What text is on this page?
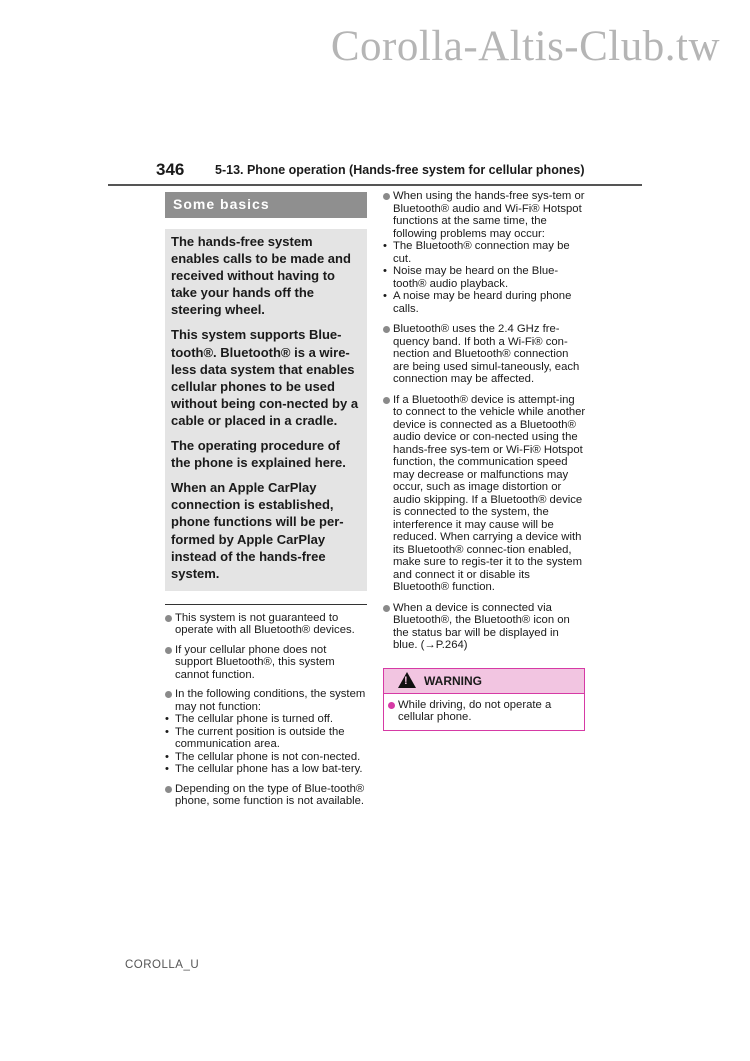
Corolla-Altis-Club.tw
346 5-13. Phone operation (Hands-free system for cellular phones)
Some basics

The hands-free system enables calls to be made and received without having to take your hands off the steering wheel.

This system supports Blue-tooth®. Bluetooth® is a wire-less data system that enables cellular phones to be used without being con-nected by a cable or placed in a cradle.

The operating procedure of the phone is explained here.

When an Apple CarPlay connection is established, phone functions will be per-formed by Apple CarPlay instead of the hands-free system.

This system is not guaranteed to operate with all Bluetooth® devices.
If your cellular phone does not support Bluetooth®, this system cannot function.
In the following conditions, the system may not function:
• The cellular phone is turned off.
• The current position is outside the communication area.
• The cellular phone is not con-nected.
• The cellular phone has a low bat-tery.
Depending on the type of Blue-tooth® phone, some function is not available.
When using the hands-free sys-tem or Bluetooth® audio and Wi-Fi® Hotspot functions at the same time, the following problems may occur:
• The Bluetooth® connection may be cut.
• Noise may be heard on the Blue-tooth® audio playback.
• A noise may be heard during phone calls.
Bluetooth® uses the 2.4 GHz fre-quency band. If both a Wi-Fi® con-nection and Bluetooth® connection are being used simul-taneously, each connection may be affected.
If a Bluetooth® device is attempt-ing to connect to the vehicle while another device is connected as a Bluetooth® audio device or con-nected using the hands-free sys-tem or Wi-Fi® Hotspot function, the communication speed may decrease or malfunctions may occur, such as image distortion or audio skipping. If a Bluetooth® device is connected to the system, the interference it may cause will be reduced. When carrying a device with its Bluetooth® connec-tion enabled, make sure to regis-ter it to the system and connect it or disable its Bluetooth® function.
When a device is connected via Bluetooth®, the Bluetooth® icon on the status bar will be displayed in blue. (→P.264)
! WARNING
While driving, do not operate a cellular phone.
COROLLA_U
